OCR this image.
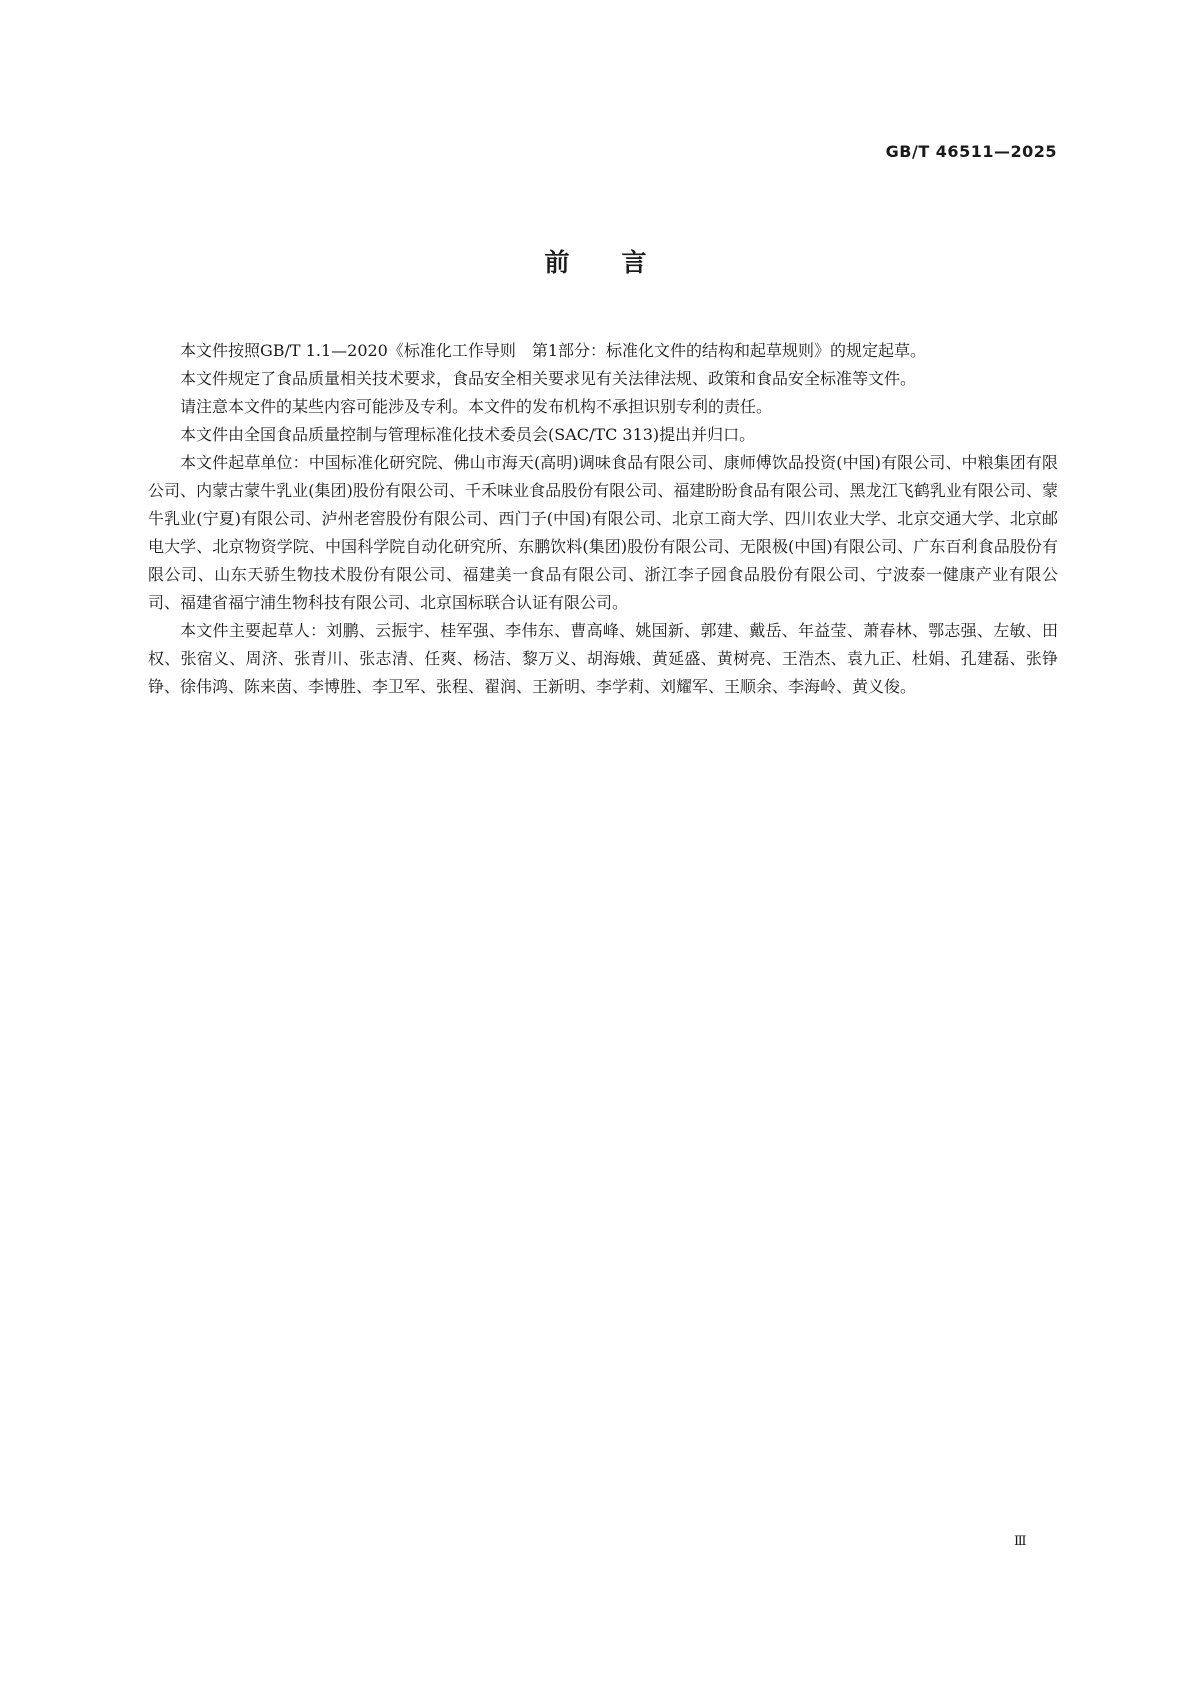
GB/T 46511—2025
前言

本文件按照GB/T 1.1—2020《标准化工作导则　第1部分：标准化文件的结构和起草规则》的规定起草。

本文件规定了食品质量相关技术要求，食品安全相关要求见有关法律法规、政策和食品安全标准等文件。

请注意本文件的某些内容可能涉及专利。本文件的发布机构不承担识别专利的责任。

本文件由全国食品质量控制与管理标准化技术委员会(SAC/TC 313)提出并归口。

本文件起草单位：中国标准化研究院、佛山市海天(高明)调味食品有限公司、康师傅饮品投资(中国)有限公司、中粮集团有限公司、内蒙古蒙牛乳业(集团)股份有限公司、千禾味业食品股份有限公司、福建盼盼食品有限公司、黑龙江飞鹤乳业有限公司、蒙牛乳业(宁夏)有限公司、泸州老窖股份有限公司、西门子(中国)有限公司、北京工商大学、四川农业大学、北京交通大学、北京邮电大学、北京物资学院、中国科学院自动化研究所、东鹏饮料(集团)股份有限公司、无限极(中国)有限公司、广东百利食品股份有限公司、山东天骄生物技术股份有限公司、福建美一食品有限公司、浙江李子园食品股份有限公司、宁波泰一健康产业有限公司、福建省福宁浦生物科技有限公司、北京国标联合认证有限公司。

本文件主要起草人：刘鹏、云振宇、桂军强、李伟东、曹高峰、姚国新、郭建、戴岳、年益莹、萧春林、鄂志强、左敏、田权、张宿义、周济、张青川、张志清、任爽、杨洁、黎万义、胡海娥、黄延盛、黄树亮、王浩杰、袁九正、杜娟、孔建磊、张铮铮、徐伟鸿、陈来茵、李博胜、李卫军、张程、翟润、王新明、李学莉、刘耀军、王顺余、李海岭、黄义俊。

Ⅲ
